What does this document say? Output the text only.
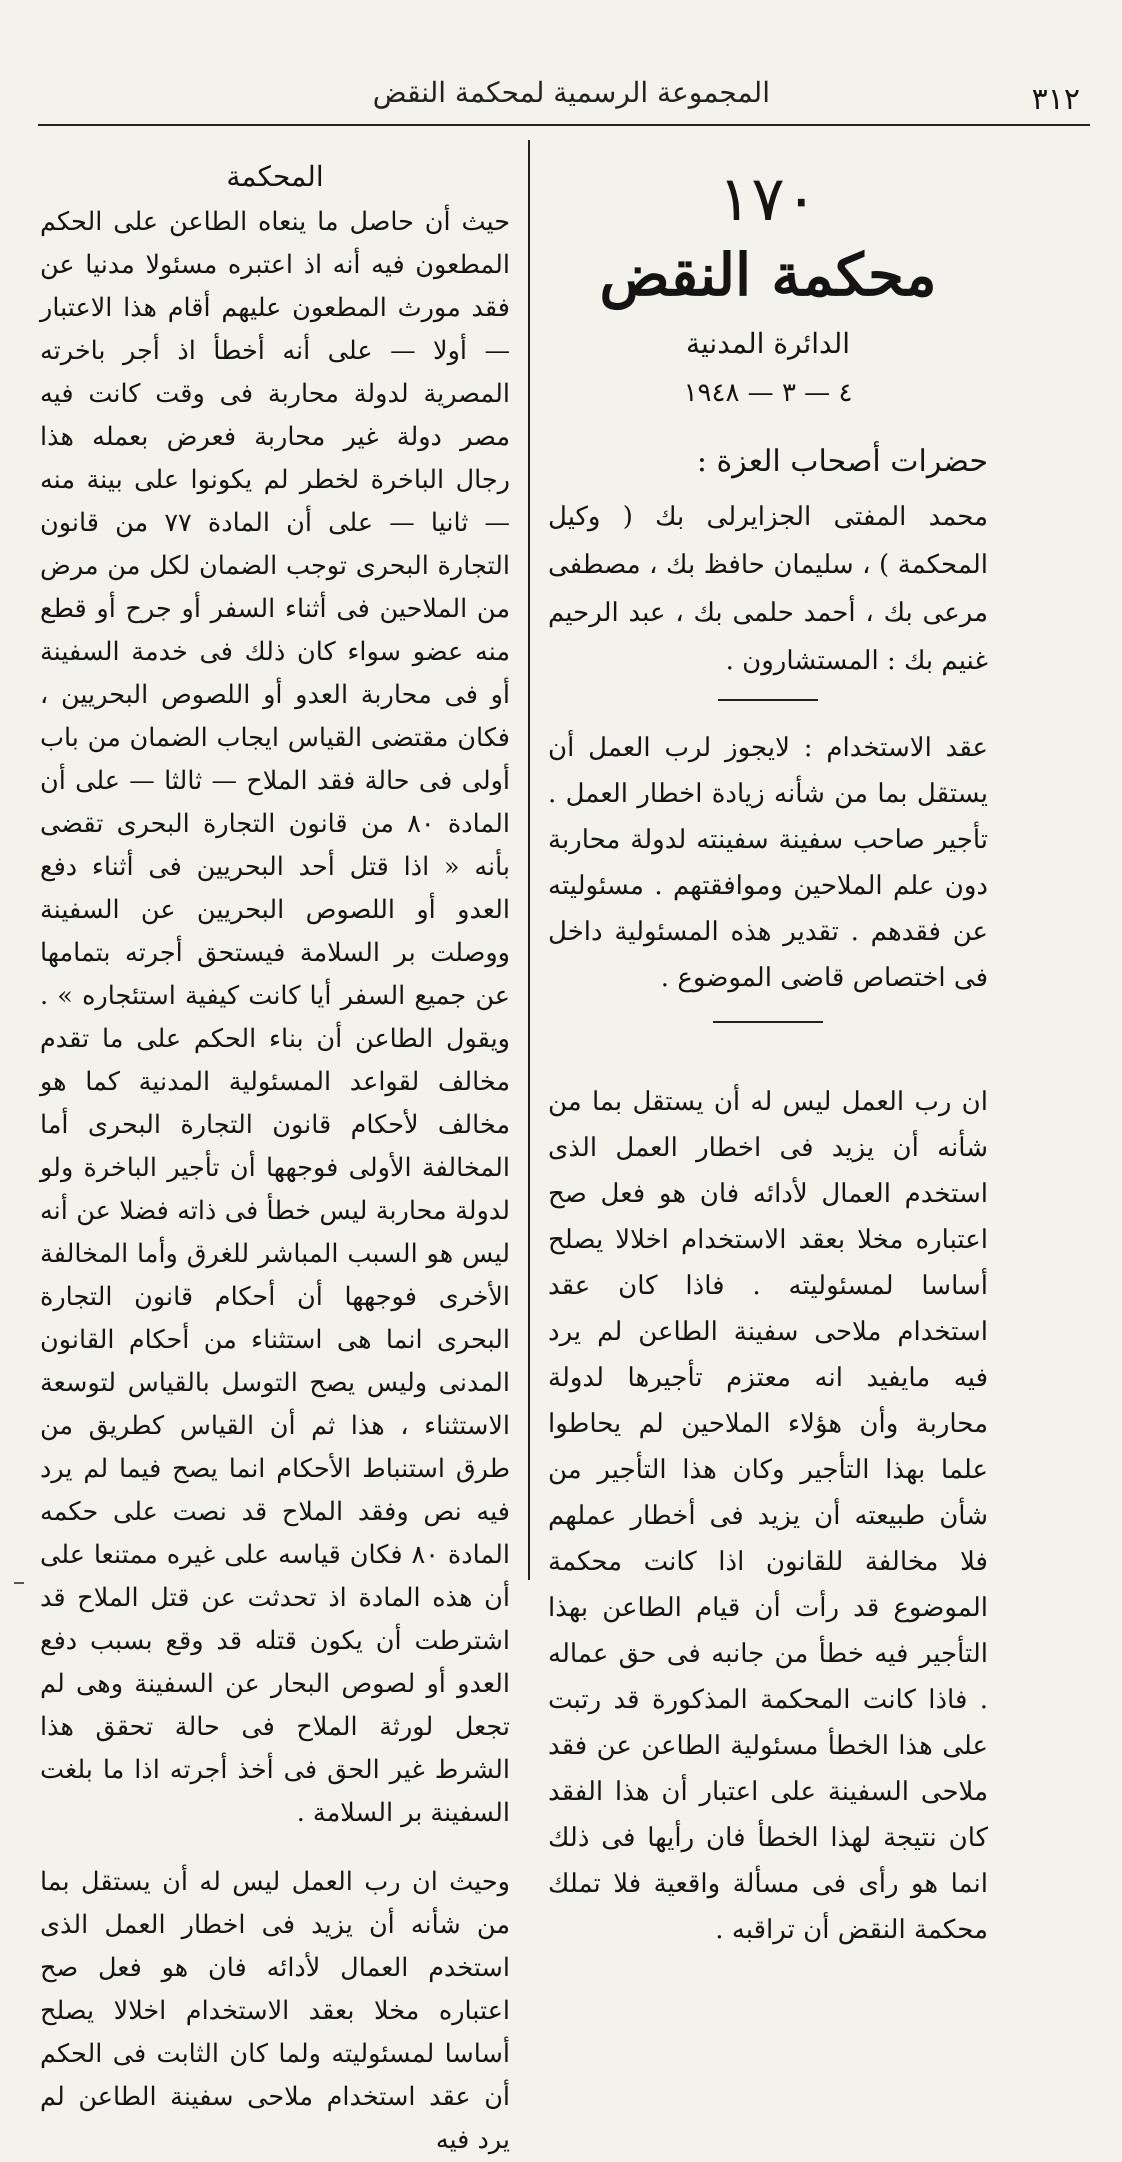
٣١٢
المجموعة الرسمية لمحكمة النقض
١٧٠
محكمة النقض
الدائرة المدنية
٤ — ٣ — ١٩٤٨
حضرات أصحاب العزة :
محمد المفتى الجزايرلى بك ( وكيل المحكمة ) ، سليمان حافظ بك ، مصطفى مرعى بك ، أحمد حلمى بك ، عبد الرحيم غنيم بك : المستشارون .
عقد الاستخدام : لايجوز لرب العمل أن يستقل بما من شأنه زيادة اخطار العمل . تأجير صاحب سفينة سفينته لدولة محاربة دون علم الملاحين وموافقتهم . مسئوليته عن فقدهم . تقدير هذه المسئولية داخل فى اختصاص قاضى الموضوع .
ان رب العمل ليس له أن يستقل بما من شأنه أن يزيد فى اخطار العمل الذى استخدم العمال لأدائه فان هو فعل صح اعتباره مخلا بعقد الاستخدام اخلالا يصلح أساسا لمسئوليته . فاذا كان عقد استخدام ملاحى سفينة الطاعن لم يرد فيه مايفيد انه معتزم تأجيرها لدولة محاربة وأن هؤلاء الملاحين لم يحاطوا علما بهذا التأجير وكان هذا التأجير من شأن طبيعته أن يزيد فى أخطار عملهم فلا مخالفة للقانون اذا كانت محكمة الموضوع قد رأت أن قيام الطاعن بهذا التأجير فيه خطأ من جانبه فى حق عماله . فاذا كانت المحكمة المذكورة قد رتبت على هذا الخطأ مسئولية الطاعن عن فقد ملاحى السفينة على اعتبار أن هذا الفقد كان نتيجة لهذا الخطأ فان رأيها فى ذلك انما هو رأى فى مسألة واقعية فلا تملك محكمة النقض أن تراقبه .
المحكمة
حيث أن حاصل ما ينعاه الطاعن على الحكم المطعون فيه أنه اذ اعتبره مسئولا مدنيا عن فقد مورث المطعون عليهم أقام هذا الاعتبار — أولا — على أنه أخطأ اذ أجر باخرته المصرية لدولة محاربة فى وقت كانت فيه مصر دولة غير محاربة فعرض بعمله هذا رجال الباخرة لخطر لم يكونوا على بينة منه — ثانيا — على أن المادة ٧٧ من قانون التجارة البحرى توجب الضمان لكل من مرض من الملاحين فى أثناء السفر أو جرح أو قطع منه عضو سواء كان ذلك فى خدمة السفينة أو فى محاربة العدو أو اللصوص البحريين ، فكان مقتضى القياس ايجاب الضمان من باب أولى فى حالة فقد الملاح — ثالثا — على أن المادة ٨٠ من قانون التجارة البحرى تقضى بأنه « اذا قتل أحد البحريين فى أثناء دفع العدو أو اللصوص البحريين عن السفينة ووصلت بر السلامة فيستحق أجرته بتمامها عن جميع السفر أيا كانت كيفية استئجاره » . ويقول الطاعن أن بناء الحكم على ما تقدم مخالف لقواعد المسئولية المدنية كما هو مخالف لأحكام قانون التجارة البحرى أما المخالفة الأولى فوجهها أن تأجير الباخرة ولو لدولة محاربة ليس خطأ فى ذاته فضلا عن أنه ليس هو السبب المباشر للغرق وأما المخالفة الأخرى فوجهها أن أحكام قانون التجارة البحرى انما هى استثناء من أحكام القانون المدنى وليس يصح التوسل بالقياس لتوسعة الاستثناء ، هذا ثم أن القياس كطريق من طرق استنباط الأحكام انما يصح فيما لم يرد فيه نص وفقد الملاح قد نصت على حكمه المادة ٨٠ فكان قياسه على غيره ممتنعا على أن هذه المادة اذ تحدثت عن قتل الملاح قد اشترطت أن يكون قتله قد وقع بسبب دفع العدو أو لصوص البحار عن السفينة وهى لم تجعل لورثة الملاح فى حالة تحقق هذا الشرط غير الحق فى أخذ أجرته اذا ما بلغت السفينة بر السلامة .
وحيث ان رب العمل ليس له أن يستقل بما من شأنه أن يزيد فى اخطار العمل الذى استخدم العمال لأدائه فان هو فعل صح اعتباره مخلا بعقد الاستخدام اخلالا يصلح أساسا لمسئوليته ولما كان الثابت فى الحكم أن عقد استخدام ملاحى سفينة الطاعن لم يرد فيه
